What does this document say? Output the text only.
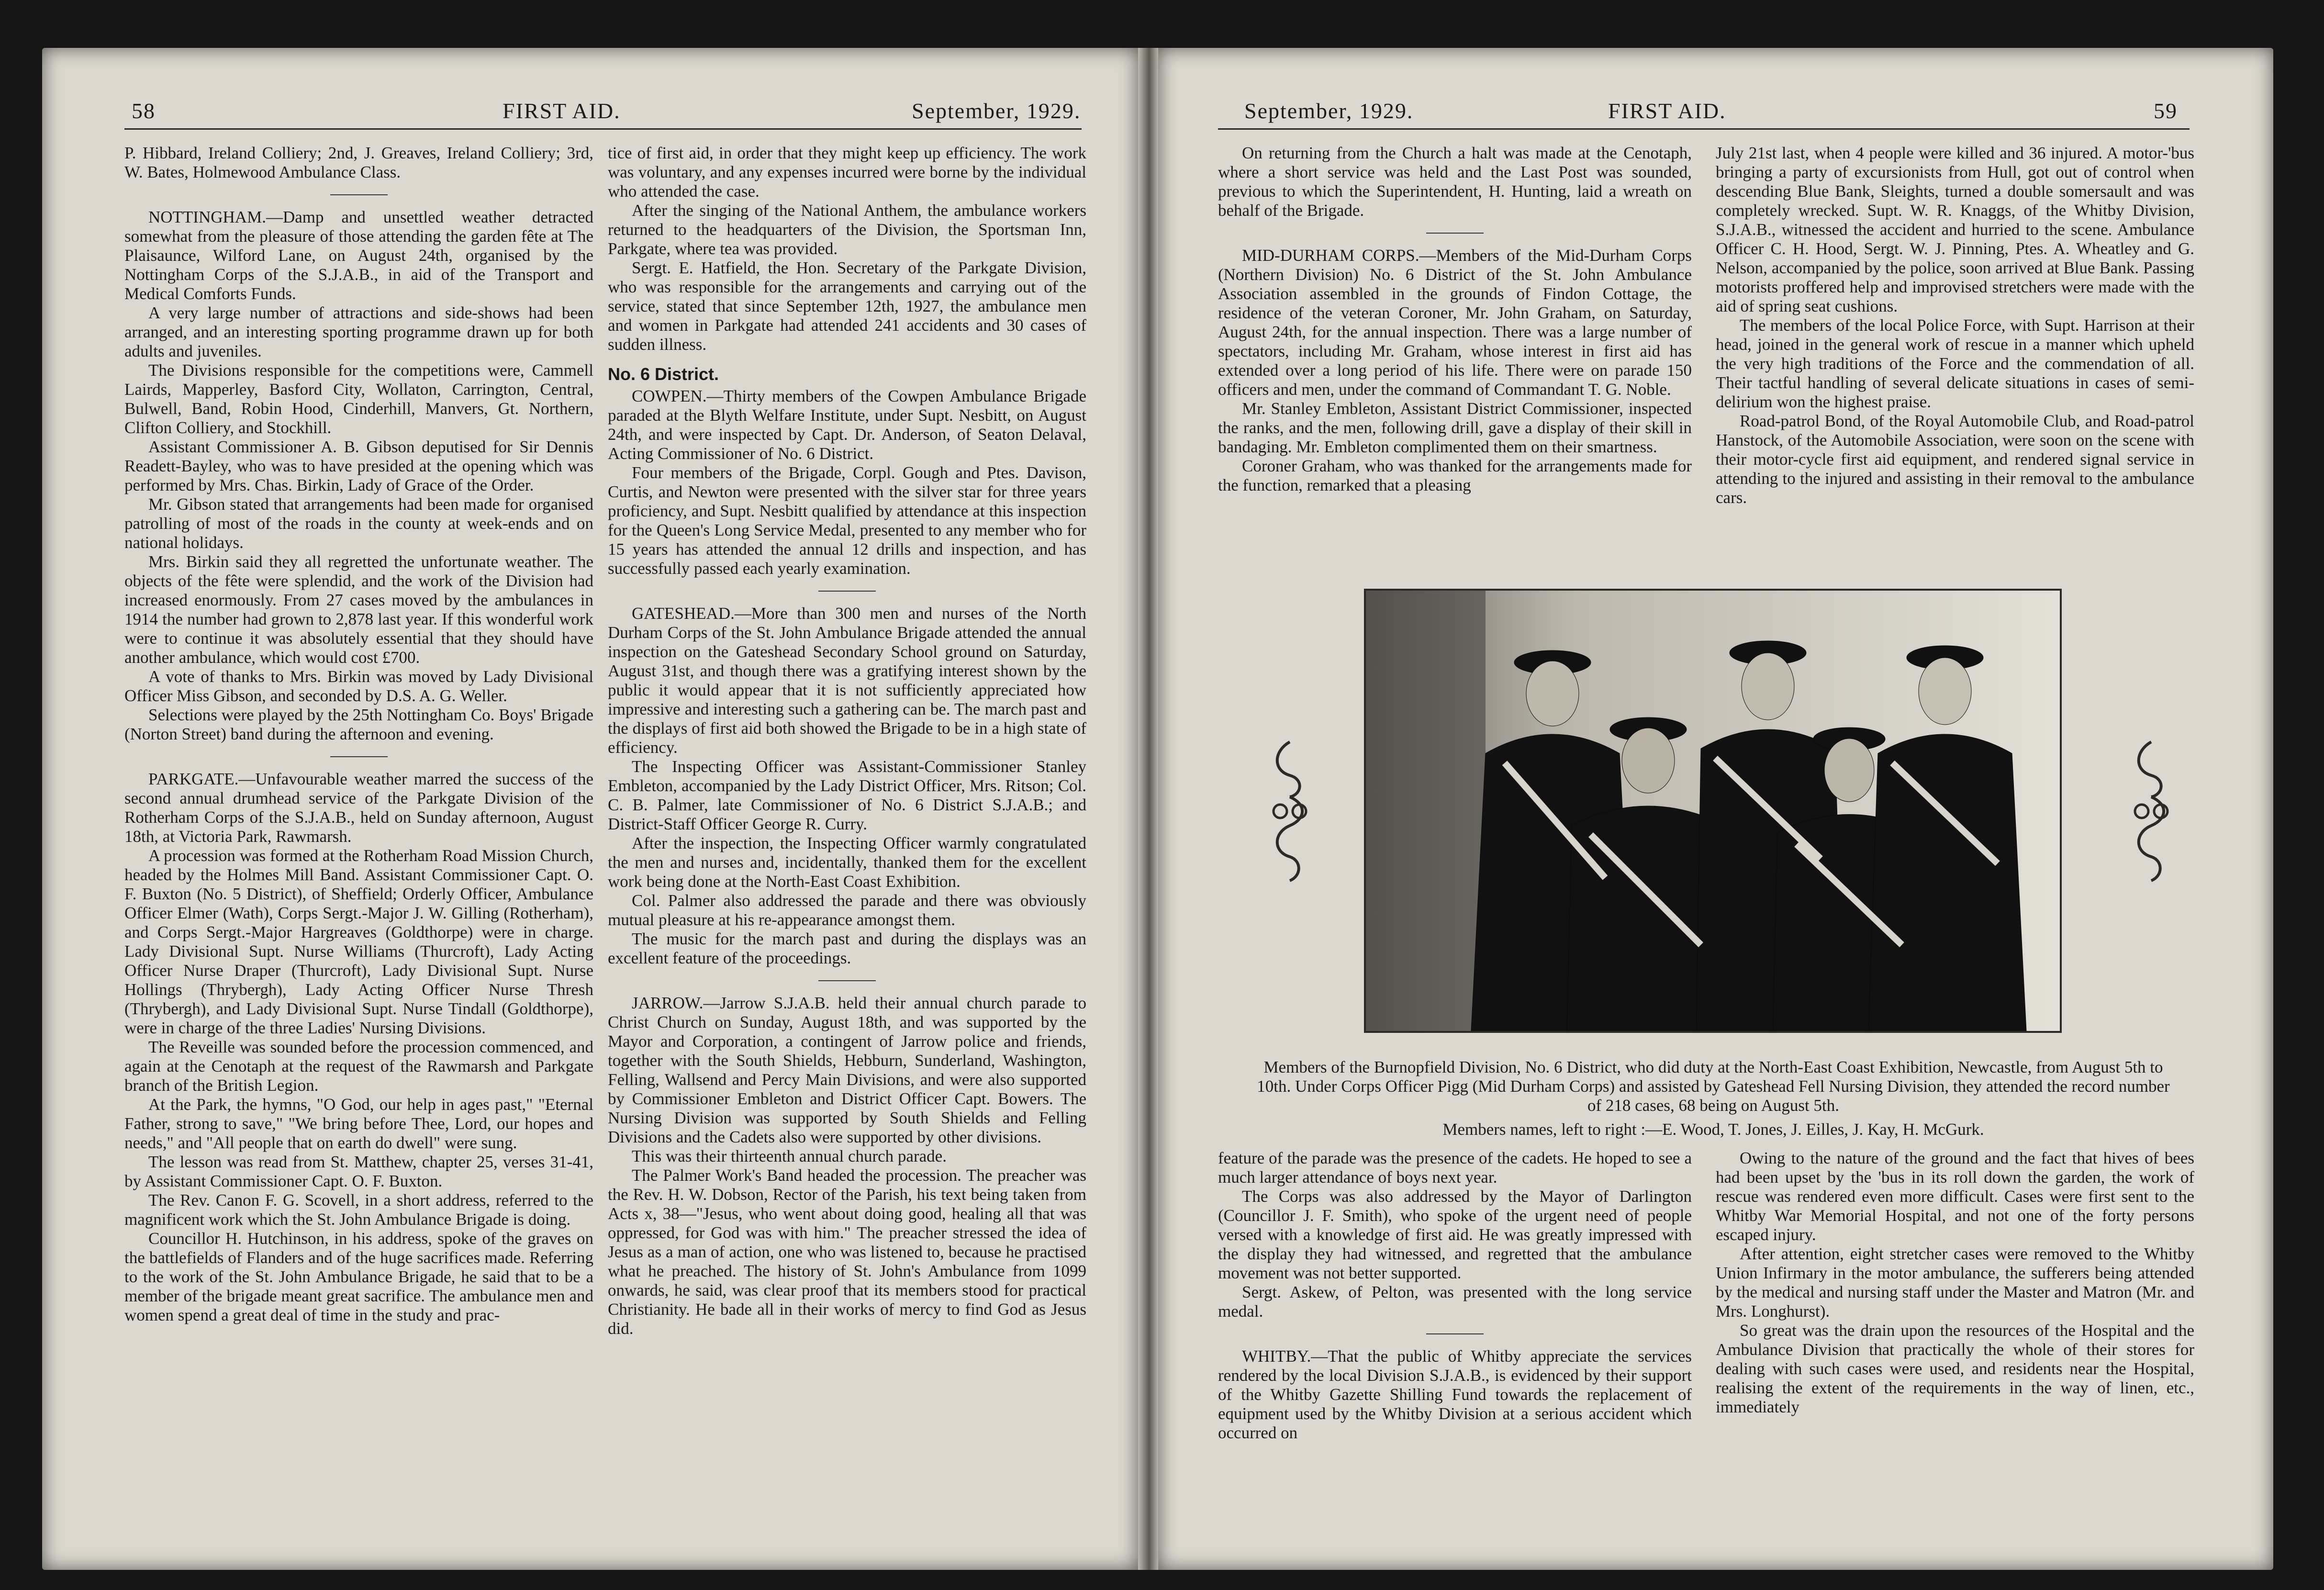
58	FIRST AID.	September, 1929.	September, 1929.	FIRST AID.	59

P. Hibbard, Ireland Colliery; 2nd, J. Greaves, Ireland Colliery; 3rd, W. Bates, Holmewood Ambulance Class.

NOTTINGHAM.—Damp and unsettled weather detracted somewhat from the pleasure of those attending the garden fête at The Plaisaunce, Wilford Lane, on August 24th, organised by the Nottingham Corps of the S.J.A.B., in aid of the Transport and Medical Comforts Funds.

A very large number of attractions and side-shows had been arranged, and an interesting sporting programme drawn up for both adults and juveniles.

The Divisions responsible for the competitions were, Cammell Lairds, Mapperley, Basford City, Wollaton, Carrington, Central, Bulwell, Band, Robin Hood, Cinderhill, Manvers, Gt. Northern, Clifton Colliery, and Stockhill.

Assistant Commissioner A. B. Gibson deputised for Sir Dennis Readett-Bayley, who was to have presided at the opening which was performed by Mrs. Chas. Birkin, Lady of Grace of the Order.

Mr. Gibson stated that arrangements had been made for organised patrolling of most of the roads in the county at week-ends and on national holidays.

Mrs. Birkin said they all regretted the unfortunate weather. The objects of the fête were splendid, and the work of the Division had increased enormously. From 27 cases moved by the ambulances in 1914 the number had grown to 2,878 last year. If this wonderful work were to continue it was absolutely essential that they should have another ambulance, which would cost £700.

A vote of thanks to Mrs. Birkin was moved by Lady Divisional Officer Miss Gibson, and seconded by D.S. A. G. Weller.

Selections were played by the 25th Nottingham Co. Boys' Brigade (Norton Street) band during the afternoon and evening.

PARKGATE.—Unfavourable weather marred the success of the second annual drumhead service of the Parkgate Division of the Rotherham Corps of the S.J.A.B., held on Sunday afternoon, August 18th, at Victoria Park, Rawmarsh.

A procession was formed at the Rotherham Road Mission Church, headed by the Holmes Mill Band. Assistant Commissioner Capt. O. F. Buxton (No. 5 District), of Sheffield; Orderly Officer, Ambulance Officer Elmer (Wath), Corps Sergt.-Major J. W. Gilling (Rotherham), and Corps Sergt.-Major Hargreaves (Goldthorpe) were in charge. Lady Divisional Supt. Nurse Williams (Thurcroft), Lady Acting Officer Nurse Draper (Thurcroft), Lady Divisional Supt. Nurse Hollings (Thrybergh), Lady Acting Officer Nurse Thresh (Thrybergh), and Lady Divisional Supt. Nurse Tindall (Goldthorpe), were in charge of the three Ladies' Nursing Divisions.

The Reveille was sounded before the procession commenced, and again at the Cenotaph at the request of the Rawmarsh and Parkgate branch of the British Legion.

At the Park, the hymns, "O God, our help in ages past," "Eternal Father, strong to save," "We bring before Thee, Lord, our hopes and needs," and "All people that on earth do dwell" were sung.

The lesson was read from St. Matthew, chapter 25, verses 31-41, by Assistant Commissioner Capt. O. F. Buxton.

The Rev. Canon F. G. Scovell, in a short address, referred to the magnificent work which the St. John Ambulance Brigade is doing.

Councillor H. Hutchinson, in his address, spoke of the graves on the battlefields of Flanders and of the huge sacrifices made. Referring to the work of the St. John Ambulance Brigade, he said that to be a member of the brigade meant great sacrifice. The ambulance men and women spend a great deal of time in the study and prac-

tice of first aid, in order that they might keep up efficiency. The work was voluntary, and any expenses incurred were borne by the individual who attended the case.

After the singing of the National Anthem, the ambulance workers returned to the headquarters of the Division, the Sportsman Inn, Parkgate, where tea was provided.

Sergt. E. Hatfield, the Hon. Secretary of the Parkgate Division, who was responsible for the arrangements and carrying out of the service, stated that since September 12th, 1927, the ambulance men and women in Parkgate had attended 241 accidents and 30 cases of sudden illness.

No. 6 District.

COWPEN.—Thirty members of the Cowpen Ambulance Brigade paraded at the Blyth Welfare Institute, under Supt. Nesbitt, on August 24th, and were inspected by Capt. Dr. Anderson, of Seaton Delaval, Acting Commissioner of No. 6 District.

Four members of the Brigade, Corpl. Gough and Ptes. Davison, Curtis, and Newton were presented with the silver star for three years proficiency, and Supt. Nesbitt qualified by attendance at this inspection for the Queen's Long Service Medal, presented to any member who for 15 years has attended the annual 12 drills and inspection, and has successfully passed each yearly examination.

GATESHEAD.—More than 300 men and nurses of the North Durham Corps of the St. John Ambulance Brigade attended the annual inspection on the Gateshead Secondary School ground on Saturday, August 31st, and though there was a gratifying interest shown by the public it would appear that it is not sufficiently appreciated how impressive and interesting such a gathering can be. The march past and the displays of first aid both showed the Brigade to be in a high state of efficiency.

The Inspecting Officer was Assistant-Commissioner Stanley Embleton, accompanied by the Lady District Officer, Mrs. Ritson; Col. C. B. Palmer, late Commissioner of No. 6 District S.J.A.B.; and District-Staff Officer George R. Curry.

After the inspection, the Inspecting Officer warmly congratulated the men and nurses and, incidentally, thanked them for the excellent work being done at the North-East Coast Exhibition.

Col. Palmer also addressed the parade and there was obviously mutual pleasure at his re-appearance amongst them.

The music for the march past and during the displays was an excellent feature of the proceedings.

JARROW.—Jarrow S.J.A.B. held their annual church parade to Christ Church on Sunday, August 18th, and was supported by the Mayor and Corporation, a contingent of Jarrow police and friends, together with the South Shields, Hebburn, Sunderland, Washington, Felling, Wallsend and Percy Main Divisions, and were also supported by Commissioner Embleton and District Officer Capt. Bowers. The Nursing Division was supported by South Shields and Felling Divisions and the Cadets also were supported by other divisions.

This was their thirteenth annual church parade.

The Palmer Work's Band headed the procession. The preacher was the Rev. H. W. Dobson, Rector of the Parish, his text being taken from Acts x, 38—"Jesus, who went about doing good, healing all that was oppressed, for God was with him." The preacher stressed the idea of Jesus as a man of action, one who was listened to, because he practised what he preached. The history of St. John's Ambulance from 1099 onwards, he said, was clear proof that its members stood for practical Christianity. He bade all in their works of mercy to find God as Jesus did.

On returning from the Church a halt was made at the Cenotaph, where a short service was held and the Last Post was sounded, previous to which the Superintendent, H. Hunting, laid a wreath on behalf of the Brigade.

MID-DURHAM CORPS.—Members of the Mid-Durham Corps (Northern Division) No. 6 District of the St. John Ambulance Association assembled in the grounds of Findon Cottage, the residence of the veteran Coroner, Mr. John Graham, on Saturday, August 24th, for the annual inspection. There was a large number of spectators, including Mr. Graham, whose interest in first aid has extended over a long period of his life. There were on parade 150 officers and men, under the command of Commandant T. G. Noble.

Mr. Stanley Embleton, Assistant District Commissioner, inspected the ranks, and the men, following drill, gave a display of their skill in bandaging. Mr. Embleton complimented them on their smartness.

Coroner Graham, who was thanked for the arrangements made for the function, remarked that a pleasing

July 21st last, when 4 people were killed and 36 injured. A motor-'bus bringing a party of excursionists from Hull, got out of control when descending Blue Bank, Sleights, turned a double somersault and was completely wrecked. Supt. W. R. Knaggs, of the Whitby Division, S.J.A.B., witnessed the accident and hurried to the scene. Ambulance Officer C. H. Hood, Sergt. W. J. Pinning, Ptes. A. Wheatley and G. Nelson, accompanied by the police, soon arrived at Blue Bank. Passing motorists proffered help and improvised stretchers were made with the aid of spring seat cushions.

The members of the local Police Force, with Supt. Harrison at their head, joined in the general work of rescue in a manner which upheld the very high traditions of the Force and the commendation of all. Their tactful handling of several delicate situations in cases of semi-delirium won the highest praise.

Road-patrol Bond, of the Royal Automobile Club, and Road-patrol Hanstock, of the Automobile Association, were soon on the scene with their motor-cycle first aid equipment, and rendered signal service in attending to the injured and assisting in their removal to the ambulance cars.

Members of the Burnopfield Division, No. 6 District, who did duty at the North-East Coast Exhibition, Newcastle, from August 5th to 10th. Under Corps Officer Pigg (Mid Durham Corps) and assisted by Gateshead Fell Nursing Division, they attended the record number of 218 cases, 68 being on August 5th.

Members names, left to right :—E. Wood, T. Jones, J. Eilles, J. Kay, H. McGurk.

feature of the parade was the presence of the cadets. He hoped to see a much larger attendance of boys next year.

The Corps was also addressed by the Mayor of Darlington (Councillor J. F. Smith), who spoke of the urgent need of people versed with a knowledge of first aid. He was greatly impressed with the display they had witnessed, and regretted that the ambulance movement was not better supported.

Sergt. Askew, of Pelton, was presented with the long service medal.

WHITBY.—That the public of Whitby appreciate the services rendered by the local Division S.J.A.B., is evidenced by their support of the Whitby Gazette Shilling Fund towards the replacement of equipment used by the Whitby Division at a serious accident which occurred on

Owing to the nature of the ground and the fact that hives of bees had been upset by the 'bus in its roll down the garden, the work of rescue was rendered even more difficult. Cases were first sent to the Whitby War Memorial Hospital, and not one of the forty persons escaped injury.

After attention, eight stretcher cases were removed to the Whitby Union Infirmary in the motor ambulance, the sufferers being attended by the medical and nursing staff under the Master and Matron (Mr. and Mrs. Longhurst).

So great was the drain upon the resources of the Hospital and the Ambulance Division that practically the whole of their stores for dealing with such cases were used, and residents near the Hospital, realising the extent of the requirements in the way of linen, etc., immediately
